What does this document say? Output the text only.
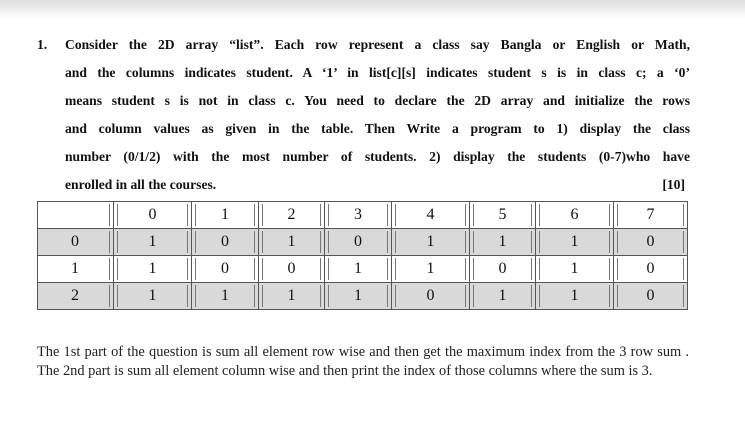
1. Consider the 2D array “list”. Each row represent a class say Bangla or English or Math,
and the columns indicates student. A ‘1’ in list[c][s] indicates student s is in class c; a ‘0’
means student s is not in class c. You need to declare the 2D array and initialize the rows
and column values as given in the table. Then Write a program to 1) display the class
number (0/1/2) with the most number of students. 2) display the students (0-7)who have
enrolled in all the courses.	[10]

	0	1	2	3	4	5	6	7

0	1	0	1	0	1	1	1	0

1	1	0	0	1	1	0	1	0

2	1	1	1	1	0	1	1	0
The 1st part of the question is sum all element row wise and then get the maximum index from the 3 row sum . The 2nd part is sum all element column wise and then print the index of those columns where the sum is 3.
